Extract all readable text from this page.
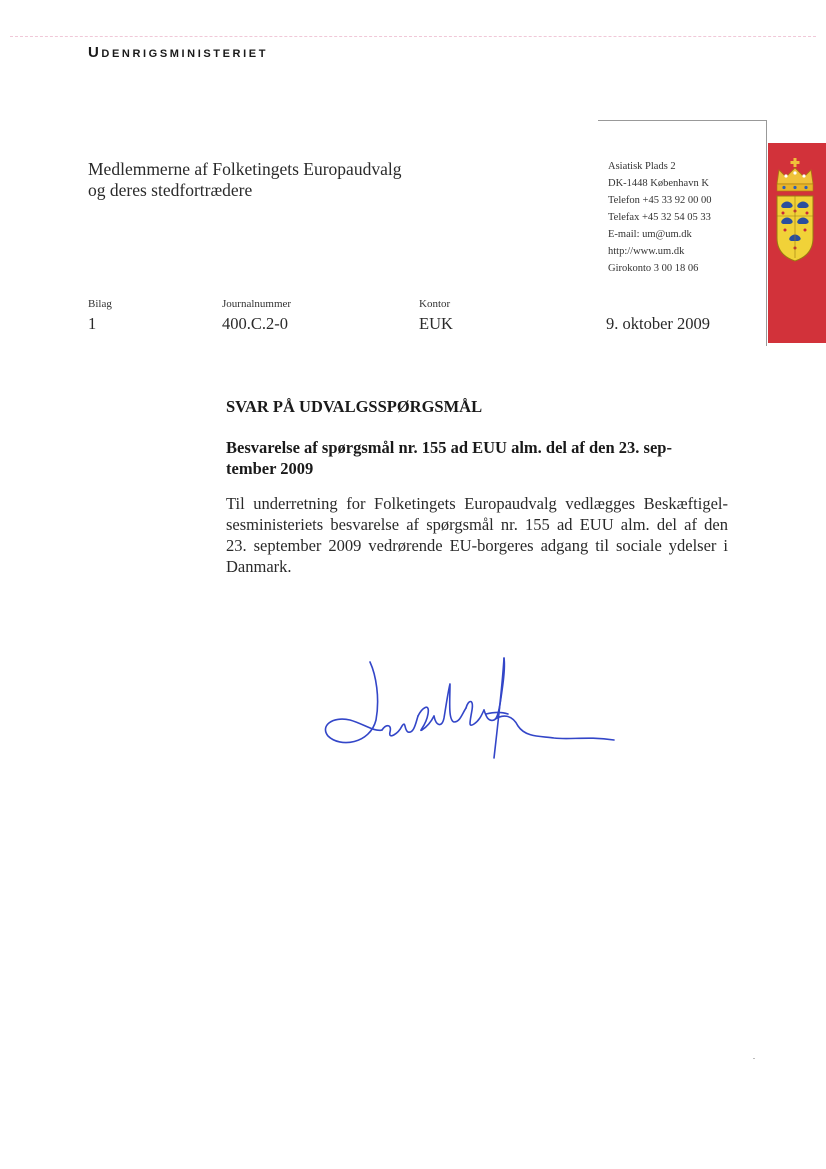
Udenrigsministeriet
Medlemmerne af Folketingets Europaudvalg
og deres stedfortrædere
Asiatisk Plads 2
DK-1448 København K
Telefon +45 33 92 00 00
Telefax +45 32 54 05 33
E-mail: um@um.dk
http://www.um.dk
Girokonto 3 00 18 06
Bilag
1
Journalnummer
400.C.2-0
Kontor
EUK	9. oktober 2009
SVAR PÅ UDVALGSSPØRGSMÅL
Besvarelse af spørgsmål nr. 155 ad EUU alm. del af den 23. sep-
tember 2009
Til underretning for Folketingets Europaudvalg vedlægges Beskæftigel-
sesministeriets besvarelse af spørgsmål nr. 155 ad EUU alm. del af den
23. september 2009 vedrørende EU-borgeres adgang til sociale ydelser i
Danmark.
